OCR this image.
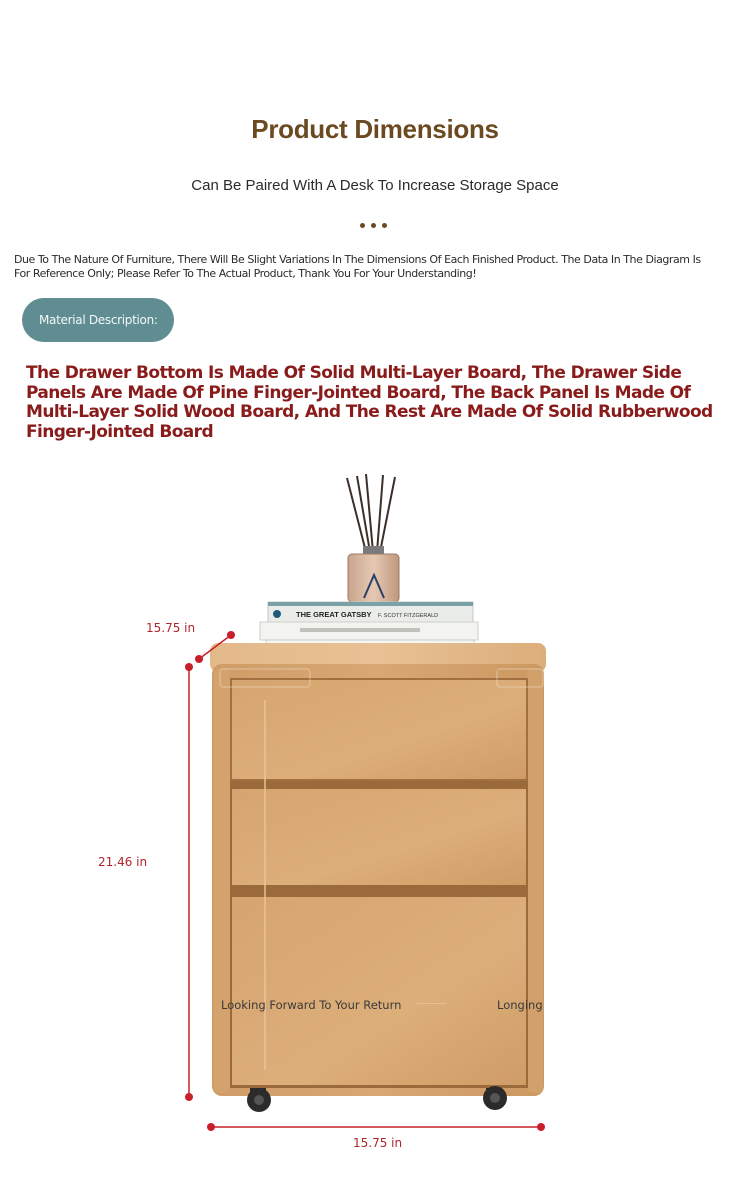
Product Dimensions
Can Be Paired With A Desk To Increase Storage Space
Due To The Nature Of Furniture, There Will Be Slight Variations In The Dimensions Of Each Finished Product. The Data In The Diagram Is For Reference Only; Please Refer To The Actual Product, Thank You For Your Understanding!
Material Description:
The Drawer Bottom Is Made Of Solid Multi-Layer Board, The Drawer Side Panels Are Made Of Pine Finger-Jointed Board, The Back Panel Is Made Of Multi-Layer Solid Wood Board, And The Rest Are Made Of Solid Rubberwood Finger-Jointed Board
THE GREAT GATSBY F. SCOTT FITZGERALD
15.75 in
21.46 in
15.75 in
Looking Forward To Your Return	Longing
